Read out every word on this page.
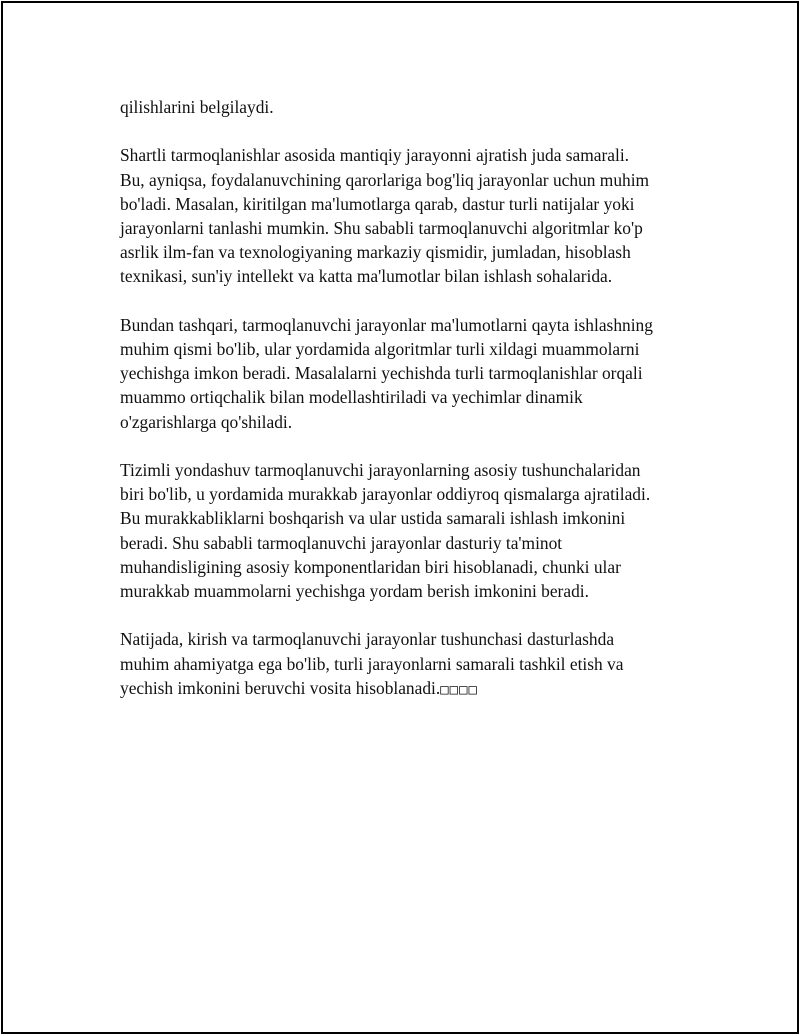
qilishlarini belgilaydi.

Shartli tarmoqlanishlar asosida mantiqiy jarayonni ajratish juda samarali.
Bu, ayniqsa, foydalanuvchining qarorlariga bog'liq jarayonlar uchun muhim
bo'ladi. Masalan, kiritilgan ma'lumotlarga qarab, dastur turli natijalar yoki
jarayonlarni tanlashi mumkin. Shu sababli tarmoqlanuvchi algoritmlar ko'p
asrlik ilm-fan va texnologiyaning markaziy qismidir, jumladan, hisoblash
texnikasi, sun'iy intellekt va katta ma'lumotlar bilan ishlash sohalarida.

Bundan tashqari, tarmoqlanuvchi jarayonlar ma'lumotlarni qayta ishlashning
muhim qismi bo'lib, ular yordamida algoritmlar turli xildagi muammolarni
yechishga imkon beradi. Masalalarni yechishda turli tarmoqlanishlar orqali
muammo ortiqchalik bilan modellashtiriladi va yechimlar dinamik
o'zgarishlarga qo'shiladi.

Tizimli yondashuv tarmoqlanuvchi jarayonlarning asosiy tushunchalaridan
biri bo'lib, u yordamida murakkab jarayonlar oddiyroq qismalarga ajratiladi.
Bu murakkabliklarni boshqarish va ular ustida samarali ishlash imkonini
beradi. Shu sababli tarmoqlanuvchi jarayonlar dasturiy ta'minot
muhandisligining asosiy komponentlaridan biri hisoblanadi, chunki ular
murakkab muammolarni yechishga yordam berish imkonini beradi.

Natijada, kirish va tarmoqlanuvchi jarayonlar tushunchasi dasturlashda
muhim ahamiyatga ega bo'lib, turli jarayonlarni samarali tashkil etish va
yechish imkonini beruvchi vosita hisoblanadi.□□□□
